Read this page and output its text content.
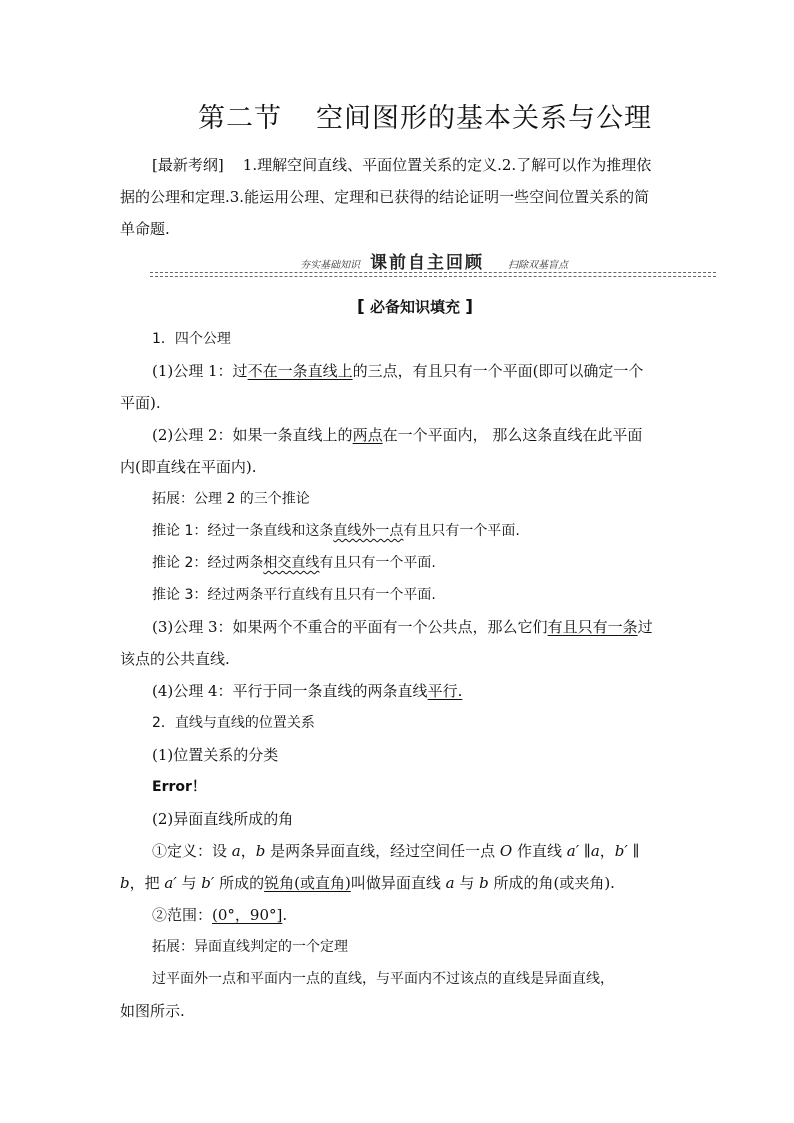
第二节 空间图形的基本关系与公理
[最新考纲] 1.理解空间直线、平面位置关系的定义.2.了解可以作为推理依
据的公理和定理.3.能运用公理、定理和已获得的结论证明一些空间位置关系的简
单命题.
夯实基础知识 课前自主回顾 扫除双基盲点
[ 必备知识填充 ]
1．四个公理
(1)公理 1：过不在一条直线上的三点，有且只有一个平面(即可以确定一个
平面).
(2)公理 2：如果一条直线上的两点在一个平面内， 那么这条直线在此平面
内(即直线在平面内).
拓展：公理 2 的三个推论
推论 1：经过一条直线和这条直线外一点有且只有一个平面.
推论 2：经过两条相交直线有且只有一个平面.
推论 3：经过两条平行直线有且只有一个平面.
(3)公理 3：如果两个不重合的平面有一个公共点，那么它们有且只有一条过
该点的公共直线.
(4)公理 4：平行于同一条直线的两条直线平行.
2．直线与直线的位置关系
(1)位置关系的分类
Error！
(2)异面直线所成的角
①定义：设 a，b 是两条异面直线，经过空间任一点 O 作直线 a′ ∥a，b′ ∥
b，把 a′ 与 b′ 所成的锐角(或直角)叫做异面直线 a 与 b 所成的角(或夹角).
②范围：(0°，90°].
拓展：异面直线判定的一个定理
过平面外一点和平面内一点的直线，与平面内不过该点的直线是异面直线，
如图所示.
